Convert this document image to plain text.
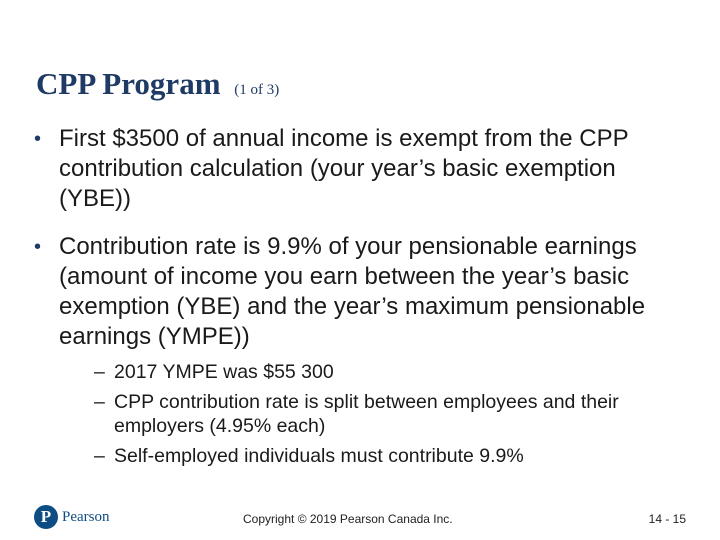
CPP Program (1 of 3)
• First $3500 of annual income is exempt from the CPP contribution calculation (your year’s basic exemption (YBE))
• Contribution rate is 9.9% of your pensionable earnings (amount of income you earn between the year’s basic exemption (YBE) and the year’s maximum pensionable earnings (YMPE))
– 2017 YMPE was $55 300
– CPP contribution rate is split between employees and their employers (4.95% each)
– Self-employed individuals must contribute 9.9%
P Pearson	Copyright © 2019 Pearson Canada Inc.	14 - 15
